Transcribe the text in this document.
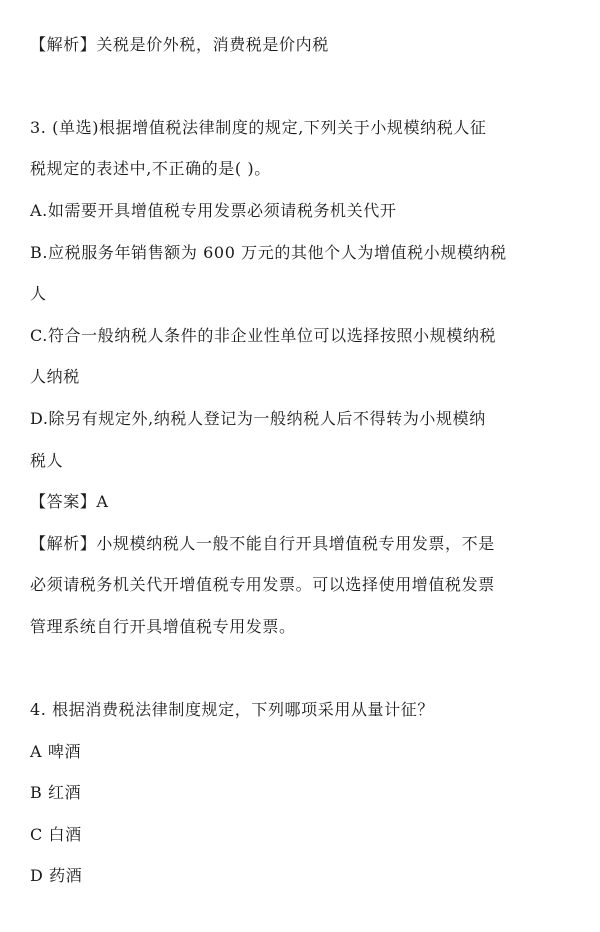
【解析】关税是价外税，消费税是价内税
3. (单选)根据增值税法律制度的规定,下列关于小规模纳税人征
税规定的表述中,不正确的是( )。
A.如需要开具增值税专用发票必须请税务机关代开
B.应税服务年销售额为 600 万元的其他个人为增值税小规模纳税
人
C.符合一般纳税人条件的非企业性单位可以选择按照小规模纳税
人纳税
D.除另有规定外,纳税人登记为一般纳税人后不得转为小规模纳
税人
【答案】A
【解析】小规模纳税人一般不能自行开具增值税专用发票，不是
必须请税务机关代开增值税专用发票。可以选择使用增值税发票
管理系统自行开具增值税专用发票。
4. 根据消费税法律制度规定，下列哪项采用从量计征？
A 啤酒
B 红酒
C 白酒
D 药酒
